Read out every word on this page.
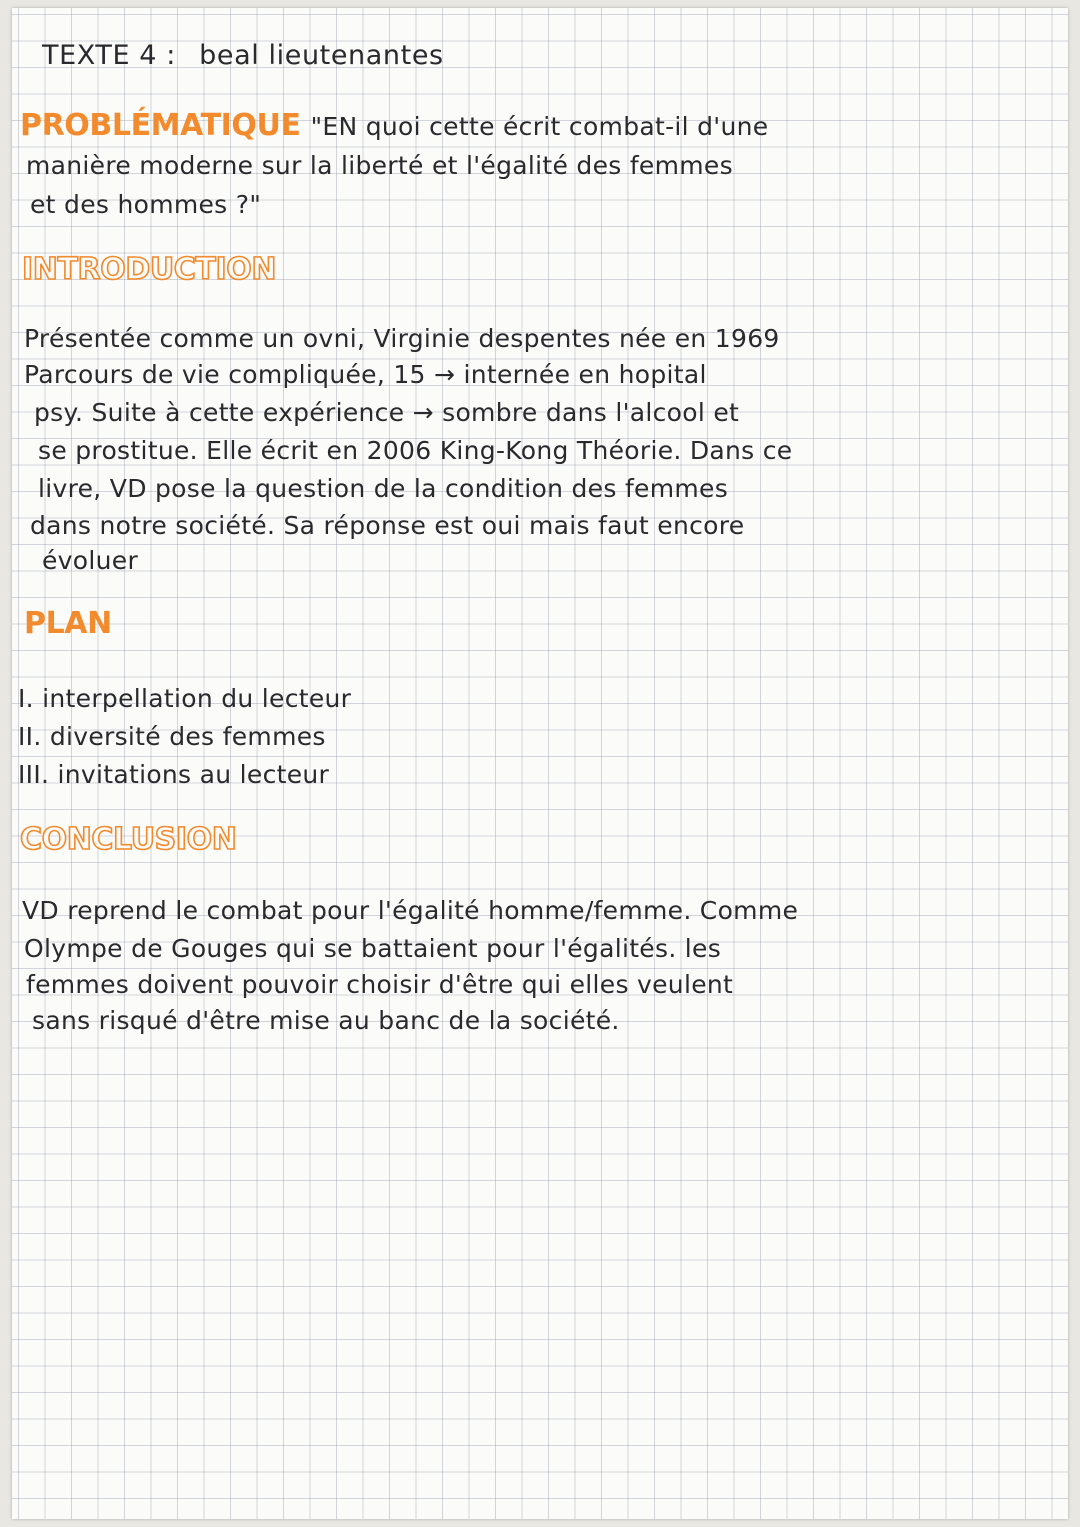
TEXTE 4 : beal lieutenantes

PROBLÉMATIQUE "EN quoi cette écrit combat-il d'une

manière moderne sur la liberté et l'égalité des femmes

et des hommes ?"

INTRODUCTION

Présentée comme un ovni, Virginie despentes née en 1969

Parcours de vie compliquée, 15 → internée en hopital

psy. Suite à cette expérience → sombre dans l'alcool et

se prostitue. Elle écrit en 2006 King-Kong Théorie. Dans ce

livre, VD pose la question de la condition des femmes

dans notre société. Sa réponse est oui mais faut encore

évoluer

PLAN

I. interpellation du lecteur

II. diversité des femmes

III. invitations au lecteur

CONCLUSION

VD reprend le combat pour l'égalité homme/femme. Comme

Olympe de Gouges qui se battaient pour l'égalités. les

femmes doivent pouvoir choisir d'être qui elles veulent

sans risqué d'être mise au banc de la société.
